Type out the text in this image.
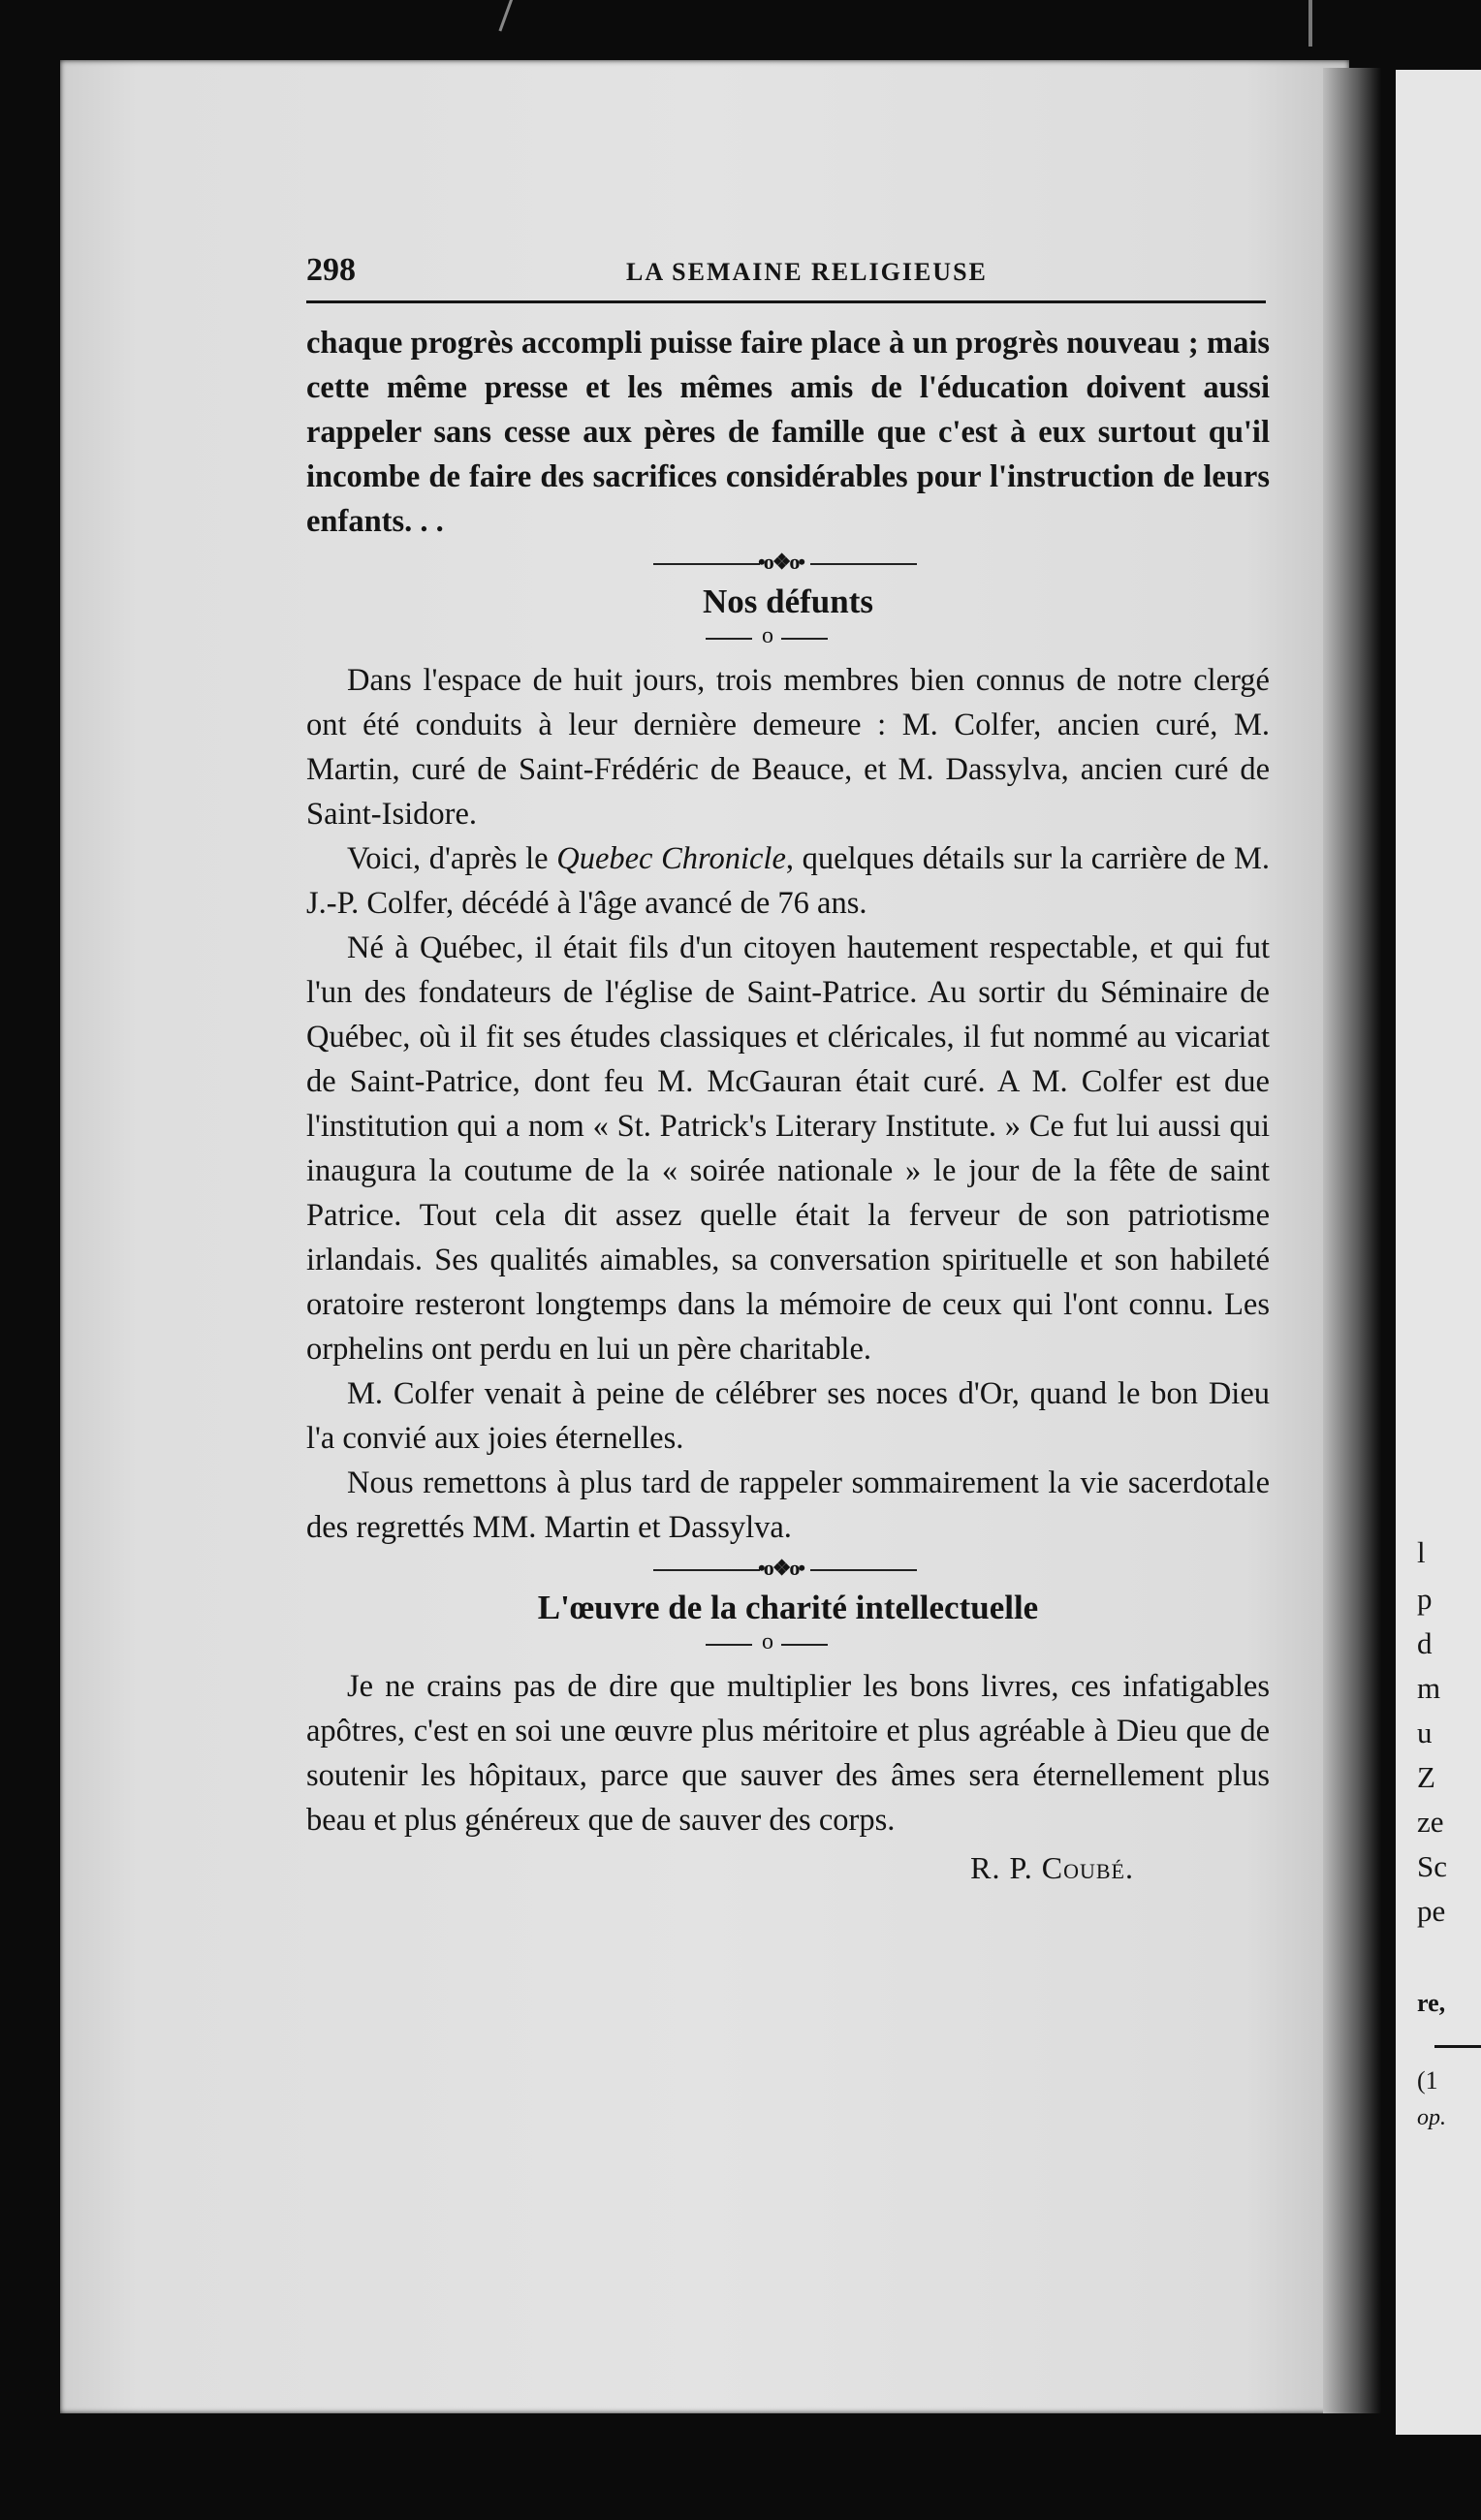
l
p
d
m
u
Z
ze
Sc
pe
re,
(1
op.
298	LA SEMAINE RELIGIEUSE

chaque progrès accompli puisse faire place à un progrès nouveau ; mais cette même presse et les mêmes amis de l'éducation doivent aussi rappeler sans cesse aux pères de famille que c'est à eux surtout qu'il incombe de faire des sacrifices considérables pour l'instruction de leurs enfants. . .

•o❖o•
Nos défunts
o

Dans l'espace de huit jours, trois membres bien connus de notre clergé ont été conduits à leur dernière demeure : M. Colfer, ancien curé, M. Martin, curé de Saint-Frédéric de Beauce, et M. Dassylva, ancien curé de Saint-Isidore.

Voici, d'après le Quebec Chronicle, quelques détails sur la carrière de M. J.-P. Colfer, décédé à l'âge avancé de 76 ans.

Né à Québec, il était fils d'un citoyen hautement respectable, et qui fut l'un des fondateurs de l'église de Saint-Patrice. Au sortir du Séminaire de Québec, où il fit ses études classiques et cléricales, il fut nommé au vicariat de Saint-Patrice, dont feu M. McGauran était curé. A M. Colfer est due l'institution qui a nom « St. Patrick's Literary Institute. » Ce fut lui aussi qui inaugura la coutume de la « soirée nationale » le jour de la fête de saint Patrice. Tout cela dit assez quelle était la ferveur de son patriotisme irlandais. Ses qualités aimables, sa conversation spirituelle et son habileté oratoire resteront longtemps dans la mémoire de ceux qui l'ont connu. Les orphelins ont perdu en lui un père charitable.

M. Colfer venait à peine de célébrer ses noces d'Or, quand le bon Dieu l'a convié aux joies éternelles.

Nous remettons à plus tard de rappeler sommairement la vie sacerdotale des regrettés MM. Martin et Dassylva.

•o❖o•
L'œuvre de la charité intellectuelle
o

Je ne crains pas de dire que multiplier les bons livres, ces infatigables apôtres, c'est en soi une œuvre plus méritoire et plus agréable à Dieu que de soutenir les hôpitaux, parce que sauver des âmes sera éternellement plus beau et plus généreux que de sauver des corps.

R. P. Coubé.
